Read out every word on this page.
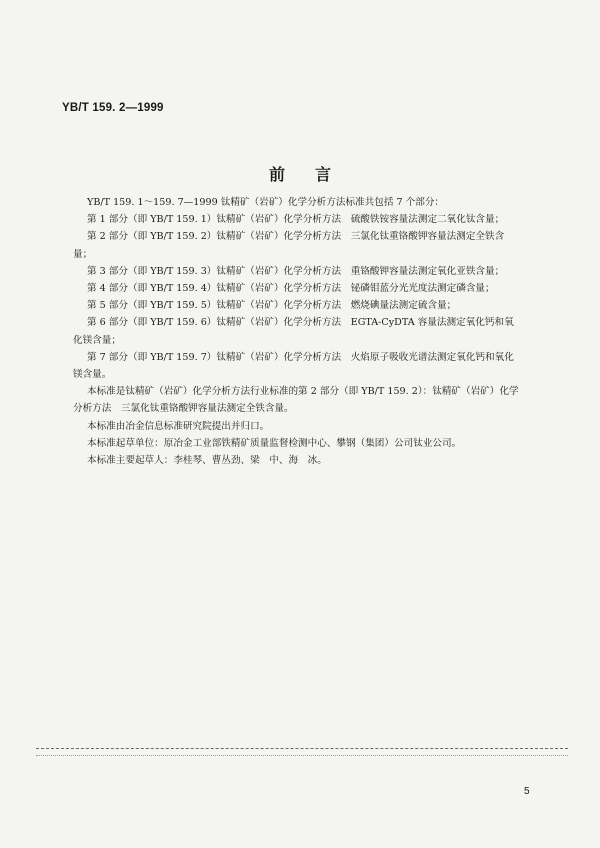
YB/T 159. 2—1999
前言
YB/T 159. 1～159. 7—1999 钛精矿（岩矿）化学分析方法标准共包括 7 个部分：
第 1 部分（即 YB/T 159. 1）钛精矿（岩矿）化学分析方法　硫酸铁铵容量法测定二氧化钛含量；
第 2 部分（即 YB/T 159. 2）钛精矿（岩矿）化学分析方法　三氯化钛重铬酸钾容量法测定全铁含
量；
第 3 部分（即 YB/T 159. 3）钛精矿（岩矿）化学分析方法　重铬酸钾容量法测定氧化亚铁含量；
第 4 部分（即 YB/T 159. 4）钛精矿（岩矿）化学分析方法　铋磷钼蓝分光光度法测定磷含量；
第 5 部分（即 YB/T 159. 5）钛精矿（岩矿）化学分析方法　燃烧碘量法测定硫含量；
第 6 部分（即 YB/T 159. 6）钛精矿（岩矿）化学分析方法　EGTA-CyDTA 容量法测定氧化钙和氧
化镁含量；
第 7 部分（即 YB/T 159. 7）钛精矿（岩矿）化学分析方法　火焰原子吸收光谱法测定氧化钙和氧化
镁含量。
本标准是钛精矿（岩矿）化学分析方法行业标准的第 2 部分（即 YB/T 159. 2）：钛精矿（岩矿）化学
分析方法　三氯化钛重铬酸钾容量法测定全铁含量。
本标准由冶金信息标准研究院提出并归口。
本标准起草单位：原冶金工业部铁精矿质量监督检测中心、攀钢（集团）公司钛业公司。
本标准主要起草人：李桂琴、曹丛劲、梁　中、海　冰。
5
